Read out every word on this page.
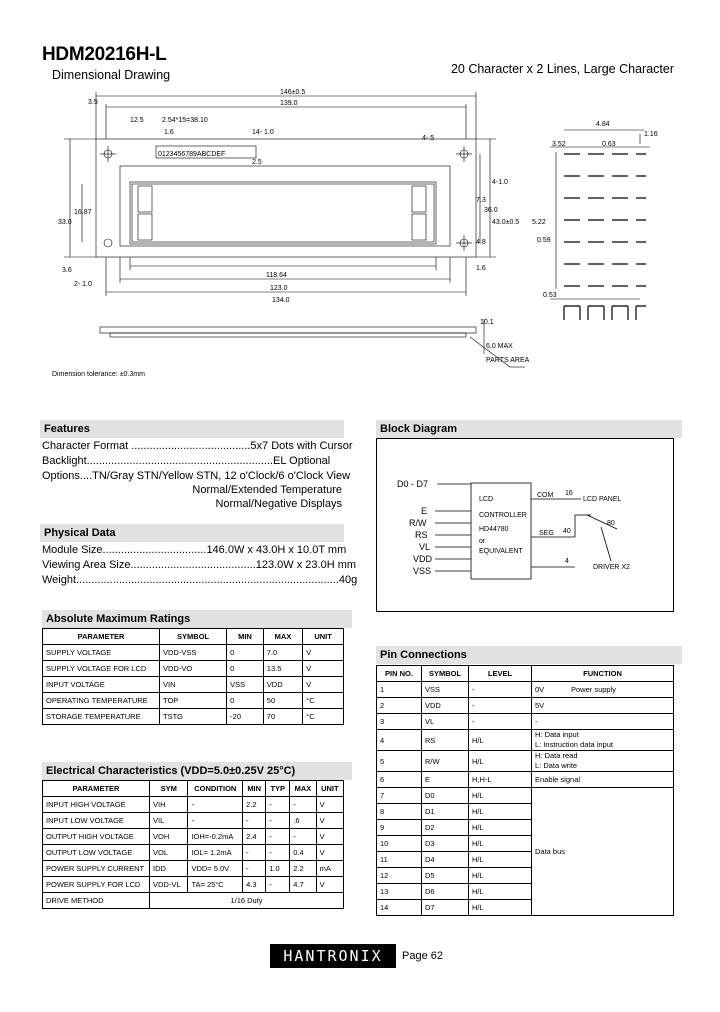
HDM20216H-L
Dimensional Drawing	20 Character x 2 Lines, Large Character
146±0.5
3.5	139.0
12.5	2.54*15=38.10
14- 1.0
1.6
4- 5
2.5
0123456789ABCDEF
33.0
16.87
3.6
2- 1.0
118.64
123.0
134.0
4-1.0
43.0±0.5
36.0
7.3
4.8
1.6
4.84
1.16
3.52	0.63
5.22
0.59
0.53
10.1
6.0 MAX
PARTS AREA
Dimension tolerance: ±0.3mm
Features
Character Format .......................................5x7 Dots with Cursor
Backlight.............................................................EL Optional
Options....TN/Gray STN/Yellow STN, 12 o'Clock/6 o'Clock View
Normal/Extended Temperature
Normal/Negative Displays
Physical Data
Module Size..................................146.0W x 43.0H x 10.0T mm
Viewing Area Size.........................................123.0W x 23.0H mm
Weight......................................................................................40g
Absolute Maximum Ratings
PARAMETER	SYMBOL	MIN	MAX	UNIT
SUPPLY VOLTAGE	VDD-VSS	0	7.0	V
SUPPLY VOLTAGE FOR LCD	VDD-VO	0	13.5	V
INPUT VOLTAGE	VIN	VSS	VDD	V
OPERATING TEMPERATURE	TOP	0	50	°C
STORAGE TEMPERATURE	TSTG	-20	70	°C
Electrical Characteristics (VDD=5.0±0.25V 25°C)
PARAMETER	SYM	CONDITION	MIN	TYP	MAX	UNIT
INPUT HIGH VOLTAGE	VIH	-	2.2	-	-	V
INPUT LOW VOLTAGE	VIL	-	-	-	.6	V
OUTPUT HIGH VOLTAGE	VOH	IOH=-0.2mA	2.4	-	-	V
OUTPUT LOW VOLTAGE	VOL	IOL= 1.2mA	-	-	0.4	V
POWER SUPPLY CURRENT	IDD	VDD= 5.0V	-	1.0	2.2	mA
POWER SUPPLY FOR LCD	VDD-VL	TA= 25°C	4.3	-	4.7	V
DRIVE METHOD	1/16 Duty					
Block Diagram
D0 - D7
E
R/W
RS
VL
VDD
VSS
LCD
CONTROLLER
HD44780
or
EQUIVALENT
COM 16
LCD PANEL
SEG 40
80
4
DRIVER X2
Pin Connections
PIN NO.	SYMBOL	LEVEL	FUNCTION
1	VSS	-	0V Power supply
2	VDD	-	5V
3	VL	-	-
4	RS	H/L	H: Data input
L: Instruction data input

5	R/W	H/L	H: Data read
L: Data write

6	E	H,H-L	Enable signal
7	D0	H/L	Data bus
8	D1	H/L	
9	D2	H/L	
10	D3	H/L	
11	D4	H/L	
12	D5	H/L	
13	D6	H/L	
14	D7	H/L	
HANTRONIX	Page 62
